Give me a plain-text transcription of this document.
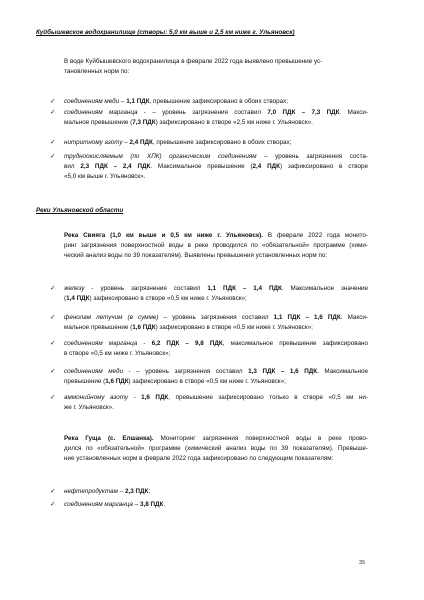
Куйбышевское водохранилище (створы: 5,0 км выше и 2,5 км ниже г. Ульяновск)
В воде Куйбышевского водохранилища в феврале 2022 года выявлено превышение ус-
тановленных норм по:
✓	соединениям меди – 1,1 ПДК, превышение зафиксировано в обоих створах;
✓	соединениям марганца - – уровень загрязнения составил 7,0 ПДК – 7,3 ПДК. Макси-
мальное превышение (7,3 ПДК) зафиксировано в створе «2,5 км ниже г. Ульяновск».
✓	нитритному азоту – 2,4 ПДК, превышение зафиксировано в обоих створах;
✓	трудноокисляемым (по ХПК) органическим соединениям – уровень загрязнения соста-
вил 2,3 ПДК – 2,4 ПДК. Максимальное превышение (2,4 ПДК) зафиксировано в створе
«5,0 км выше г. Ульяновск».
Реки Ульяновской области
Река Свияга (1,0 км выше и 0,5 км ниже г. Ульяновск). В феврале 2022 года монито-
ринг загрязнения поверхностной воды в реке проводился по «обязательной» программе (хими-
ческий анализ воды по 39 показателям). Выявлены превышения установленных норм по:
✓	железу - уровень загрязнения составил 1,1 ПДК – 1,4 ПДК. Максимальное значение
(1,4 ПДК) зафиксировано в створе «0,5 км ниже г. Ульяновск»;
✓	фенолам летучим (в сумме) – уровень загрязнения составил 1,1 ПДК – 1,6 ПДК. Макси-
мальное превышение (1,6 ПДК) зафиксировано в створе «0,5 км ниже г. Ульяновск»;
✓	соединениям марганца - 6,2 ПДК – 9,8 ПДК, максимальное превышение зафиксировано
в створе «0,5 км ниже г. Ульяновск»;
✓	соединениям меди - – уровень загрязнения составил 1,3 ПДК – 1,6 ПДК. Максимальное
превышение (1,6 ПДК) зафиксировано в створе «0,5 км ниже г. Ульяновск»;
✓	аммонийному азоту - 1,6 ПДК, превышение зафиксировано только в створе «0,5 км ни-
же г. Ульяновск».
Река Гуща (с. Елшанка). Мониторинг загрязнения поверхностной воды в реке прово-
дился по «обязательной» программе (химический анализ воды по 39 показателям). Превыше-
ние установленных норм в феврале 2022 года зафиксировано по следующим показателям:
✓	нефтепродуктам – 2,3 ПДК;
✓	соединениям марганца – 3,8 ПДК.
35
